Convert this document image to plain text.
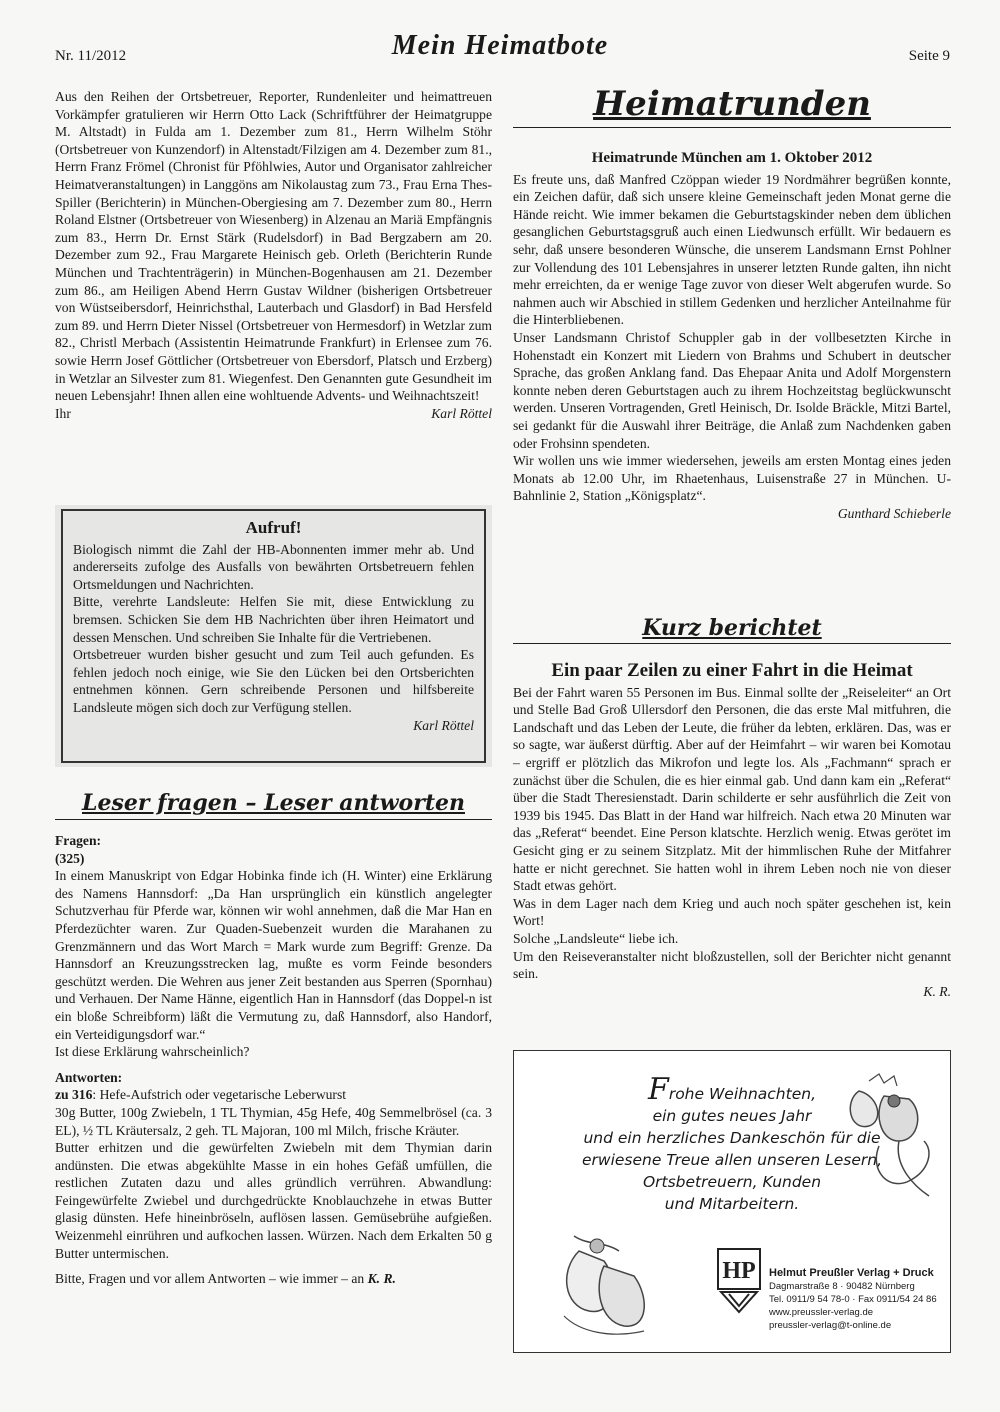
Nr. 11/2012	Mein Heimatbote	Seite 9

Aus den Reihen der Ortsbetreuer, Reporter, Rundenleiter und heimattreuen Vorkämpfer gratulieren wir Herrn Otto Lack (Schriftführer der Heimatgruppe M. Altstadt) in Fulda am 1. Dezember zum 81., Herrn Wilhelm Stöhr (Ortsbetreuer von Kunzendorf) in Altenstadt/Filzigen am 4. Dezember zum 81., Herrn Franz Frömel (Chronist für Pföhlwies, Autor und Organisator zahlreicher Heimatveranstaltungen) in Langgöns am Nikolaustag zum 73., Frau Erna Thes-Spiller (Berichterin) in München-Obergiesing am 7. Dezember zum 80., Herrn Roland Elstner (Ortsbetreuer von Wiesenberg) in Alzenau an Mariä Empfängnis zum 83., Herrn Dr. Ernst Stärk (Rudelsdorf) in Bad Bergzabern am 20. Dezember zum 92., Frau Margarete Heinisch geb. Orleth (Berichterin Runde München und Trachtenträgerin) in München-Bogenhausen am 21. Dezember zum 86., am Heiligen Abend Herrn Gustav Wildner (bisherigen Ortsbetreuer von Wüstseibersdorf, Heinrichsthal, Lauterbach und Glasdorf) in Bad Hersfeld zum 89. und Herrn Dieter Nissel (Ortsbetreuer von Hermesdorf) in Wetzlar zum 82., Christl Merbach (Assistentin Heimatrunde Frankfurt) in Erlensee zum 76. sowie Herrn Josef Göttlicher (Ortsbetreuer von Ebersdorf, Platsch und Erzberg) in Wetzlar an Silvester zum 81. Wiegenfest. Den Genannten gute Gesundheit im neuen Lebensjahr! Ihnen allen eine wohltuende Advents- und Weihnachtszeit!

Ihr	Karl Röttel
Aufruf!

Biologisch nimmt die Zahl der HB-Abonnenten immer mehr ab. Und andererseits zufolge des Ausfalls von bewährten Ortsbetreuern fehlen Ortsmeldungen und Nachrichten.

Bitte, verehrte Landsleute: Helfen Sie mit, diese Entwicklung zu bremsen. Schicken Sie dem HB Nachrichten über ihren Heimatort und dessen Menschen. Und schreiben Sie Inhalte für die Vertriebenen.

Ortsbetreuer wurden bisher gesucht und zum Teil auch gefunden. Es fehlen jedoch noch einige, wie Sie den Lücken bei den Ortsberichten entnehmen können. Gern schreibende Personen und hilfsbereite Landsleute mögen sich doch zur Verfügung stellen.

Karl Röttel
Leser fragen – Leser antworten

Fragen:

(325)

In einem Manuskript von Edgar Hobinka finde ich (H. Winter) eine Erklärung des Namens Hannsdorf: „Da Han ursprünglich ein künstlich angelegter Schutzverhau für Pferde war, können wir wohl annehmen, daß die Mar Han en Pferdezüchter waren. Zur Quaden-Suebenzeit wurden die Marahanen zu Grenzmännern und das Wort March = Mark wurde zum Begriff: Grenze. Da Hannsdorf an Kreuzungsstrecken lag, mußte es vorm Feinde besonders geschützt werden. Die Wehren aus jener Zeit bestanden aus Sperren (Spornhau) und Verhauen. Der Name Hänne, eigentlich Han in Hannsdorf (das Doppel-n ist ein bloße Schreibform) läßt die Vermutung zu, daß Hannsdorf, also Handorf, ein Verteidigungsdorf war.“

Ist diese Erklärung wahrscheinlich?

Antworten:

zu 316: Hefe-Aufstrich oder vegetarische Leberwurst

30g Butter, 100g Zwiebeln, 1 TL Thymian, 45g Hefe, 40g Semmelbrösel (ca. 3 EL), ½ TL Kräutersalz, 2 geh. TL Majoran, 100 ml Milch, frische Kräuter.

Butter erhitzen und die gewürfelten Zwiebeln mit dem Thymian darin andünsten. Die etwas abgekühlte Masse in ein hohes Gefäß umfüllen, die restlichen Zutaten dazu und alles gründlich verrühren. Abwandlung: Feingewürfelte Zwiebel und durchgedrückte Knoblauchzehe in etwas Butter glasig dünsten. Hefe hineinbröseln, auflösen lassen. Gemüsebrühe aufgießen. Weizenmehl einrühren und aufkochen lassen. Würzen. Nach dem Erkalten 50 g Butter untermischen.

Bitte, Fragen und vor allem Antworten – wie immer – an K. R.

Heimatrunden

Heimatrunde München am 1. Oktober 2012

Es freute uns, daß Manfred Czöppan wieder 19 Nordmährer begrüßen konnte, ein Zeichen dafür, daß sich unsere kleine Gemeinschaft jeden Monat gerne die Hände reicht. Wie immer bekamen die Geburtstagskinder neben dem üblichen gesanglichen Geburtstagsgruß auch einen Liedwunsch erfüllt. Wir bedauern es sehr, daß unsere besonderen Wünsche, die unserem Landsmann Ernst Pohlner zur Vollendung des 101 Lebensjahres in unserer letzten Runde galten, ihn nicht mehr erreichten, da er wenige Tage zuvor von dieser Welt abgerufen wurde. So nahmen auch wir Abschied in stillem Gedenken und herzlicher Anteilnahme für die Hinterbliebenen.

Unser Landsmann Christof Schuppler gab in der vollbesetzten Kirche in Hohenstadt ein Konzert mit Liedern von Brahms und Schubert in deutscher Sprache, das großen Anklang fand. Das Ehepaar Anita und Adolf Morgenstern konnte neben deren Geburtstagen auch zu ihrem Hochzeitstag beglückwunscht werden. Unseren Vortragenden, Gretl Heinisch, Dr. Isolde Bräckle, Mitzi Bartel, sei gedankt für die Auswahl ihrer Beiträge, die Anlaß zum Nachdenken gaben oder Frohsinn spendeten.

Wir wollen uns wie immer wiedersehen, jeweils am ersten Montag eines jeden Monats ab 12.00 Uhr, im Rhaetenhaus, Luisenstraße 27 in München. U-Bahnlinie 2, Station „Königsplatz“.

Gunthard Schieberle
Kurz berichtet

Ein paar Zeilen zu einer Fahrt in die Heimat

Bei der Fahrt waren 55 Personen im Bus. Einmal sollte der „Reiseleiter“ an Ort und Stelle Bad Groß Ullersdorf den Personen, die das erste Mal mitfuhren, die Landschaft und das Leben der Leute, die früher da lebten, erklären. Das, was er so sagte, war äußerst dürftig. Aber auf der Heimfahrt – wir waren bei Komotau – ergriff er plötzlich das Mikrofon und legte los. Als „Fachmann“ sprach er zunächst über die Schulen, die es hier einmal gab. Und dann kam ein „Referat“ über die Stadt Theresienstadt. Darin schilderte er sehr ausführlich die Zeit von 1939 bis 1945. Das Blatt in der Hand war hilfreich. Nach etwa 20 Minuten war das „Referat“ beendet. Eine Person klatschte. Herzlich wenig. Etwas gerötet im Gesicht ging er zu seinem Sitzplatz. Mit der himmlischen Ruhe der Mitfahrer hatte er nicht gerechnet. Sie hatten wohl in ihrem Leben noch nie von dieser Stadt etwas gehört.

Was in dem Lager nach dem Krieg und auch noch später geschehen ist, kein Wort!

Solche „Landsleute“ liebe ich.

Um den Reiseveranstalter nicht bloßzustellen, soll der Berichter nicht genannt sein.

K. R.
Frohe Weihnachten,
ein gutes neues Jahr
und ein herzliches Dankeschön für die
erwiesene Treue allen unseren Lesern,
Ortsbetreuern, Kunden
und Mitarbeitern.
HP Helmut Preußler Verlag + Druck
Dagmarstraße 8 · 90482 Nürnberg
Tel. 0911/9 54 78-0 · Fax 0911/54 24 86
www.preussler-verlag.de
preussler-verlag@t-online.de
